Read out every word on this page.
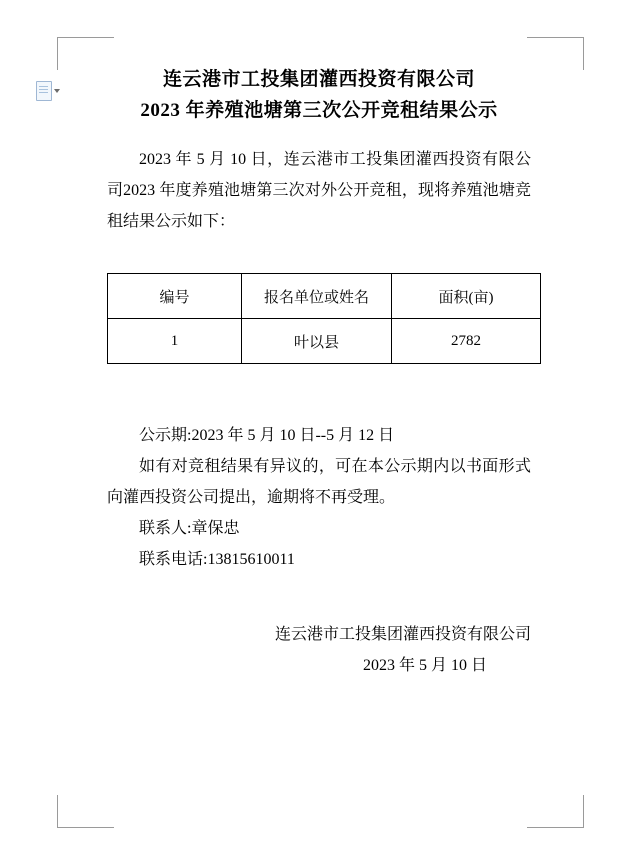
连云港市工投集团灌西投资有限公司
2023 年养殖池塘第三次公开竞租结果公示
2023 年 5 月 10 日，连云港市工投集团灌西投资有限公司2023 年度养殖池塘第三次对外公开竞租，现将养殖池塘竞租结果公示如下：
编号	报名单位或姓名	面积(亩)
1	叶以县	2782
公示期:2023 年 5 月 10 日--5 月 12 日
如有对竞租结果有异议的，可在本公示期内以书面形式向灌西投资公司提出，逾期将不再受理。
联系人:章保忠
联系电话:13815610011
连云港市工投集团灌西投资有限公司
2023 年 5 月 10 日
